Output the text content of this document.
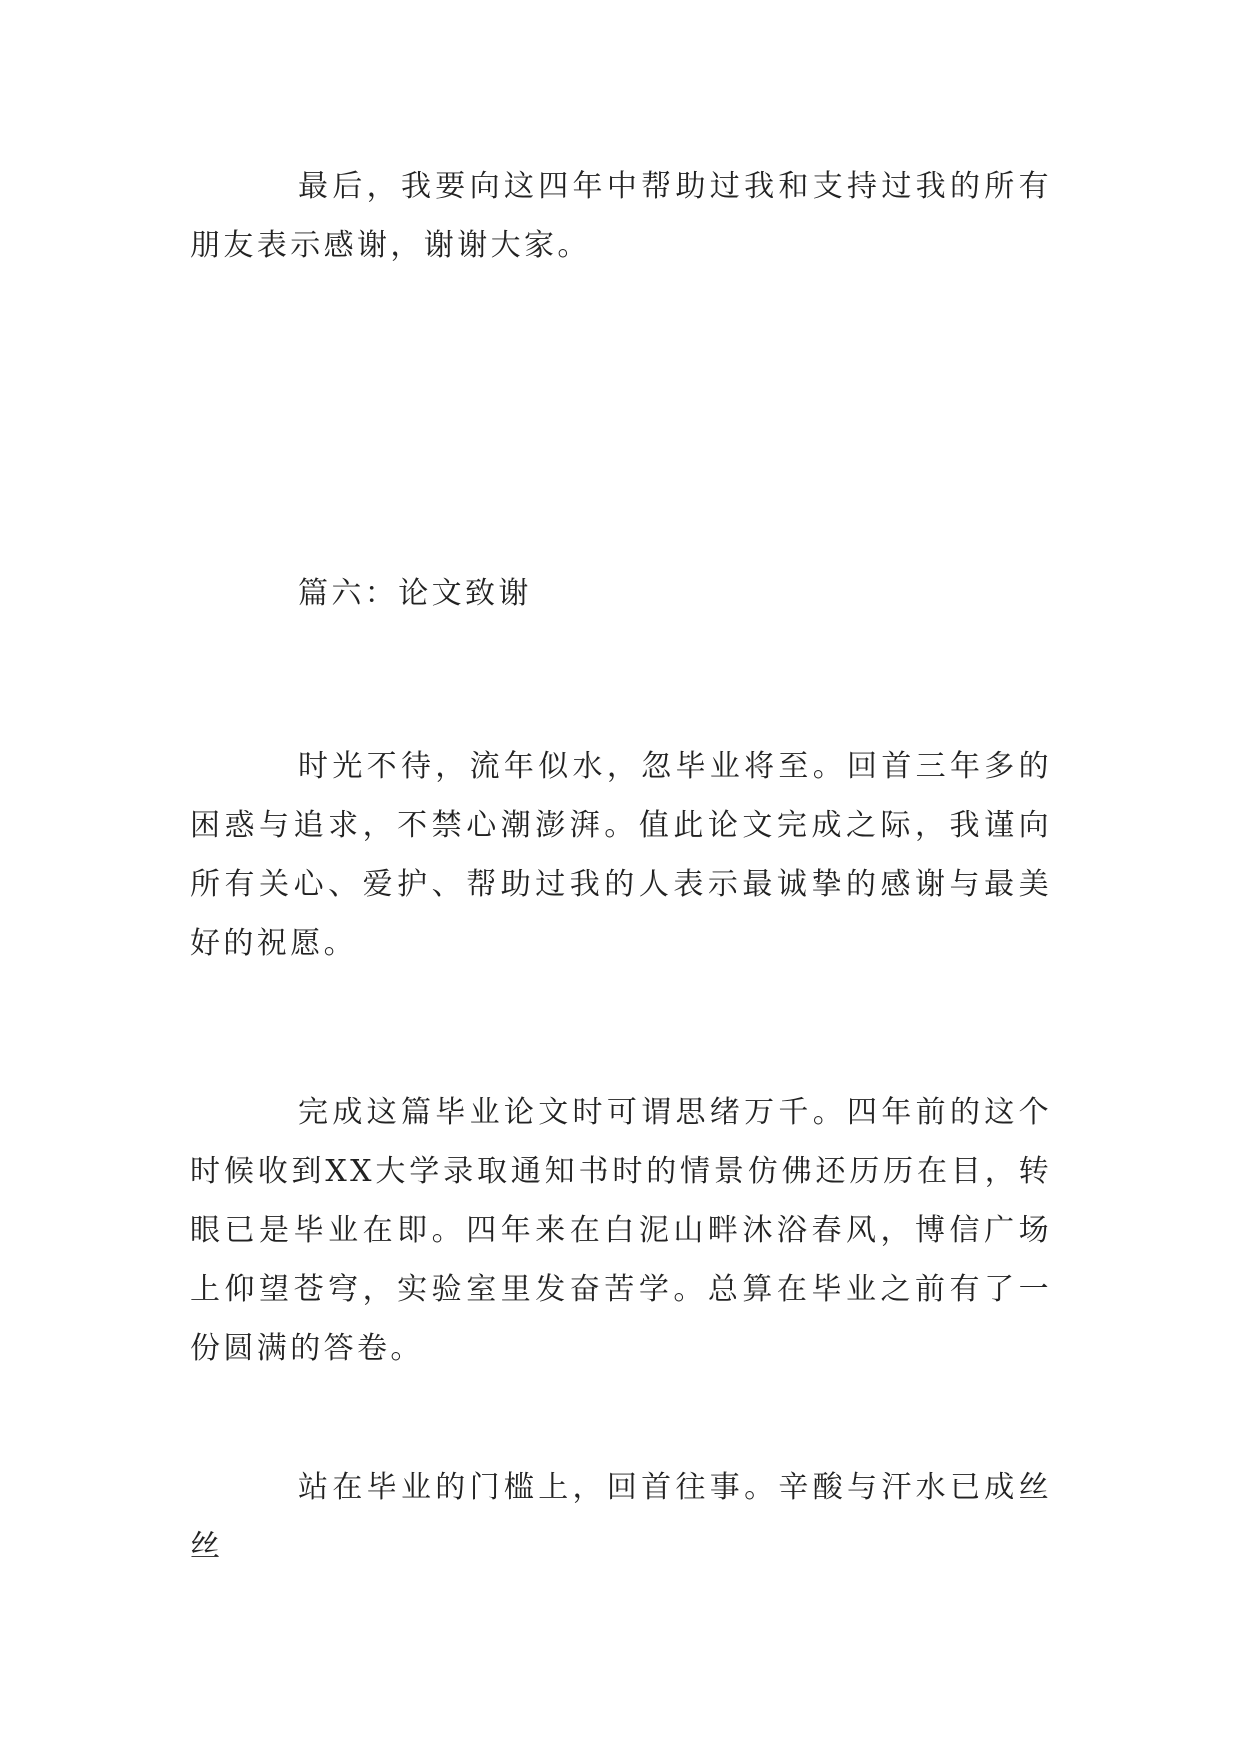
最后，我要向这四年中帮助过我和支持过我的所有朋友表示感谢，谢谢大家。

篇六：论文致谢

时光不待，流年似水，忽毕业将至。回首三年多的困惑与追求，不禁心潮澎湃。值此论文完成之际，我谨向所有关心、爱护、帮助过我的人表示最诚挚的感谢与最美好的祝愿。

完成这篇毕业论文时可谓思绪万千。四年前的这个时候收到XX大学录取通知书时的情景仿佛还历历在目，转眼已是毕业在即。四年来在白泥山畔沐浴春风，博信广场上仰望苍穹，实验室里发奋苦学。总算在毕业之前有了一份圆满的答卷。

站在毕业的门槛上，回首往事。辛酸与汗水已成丝丝
